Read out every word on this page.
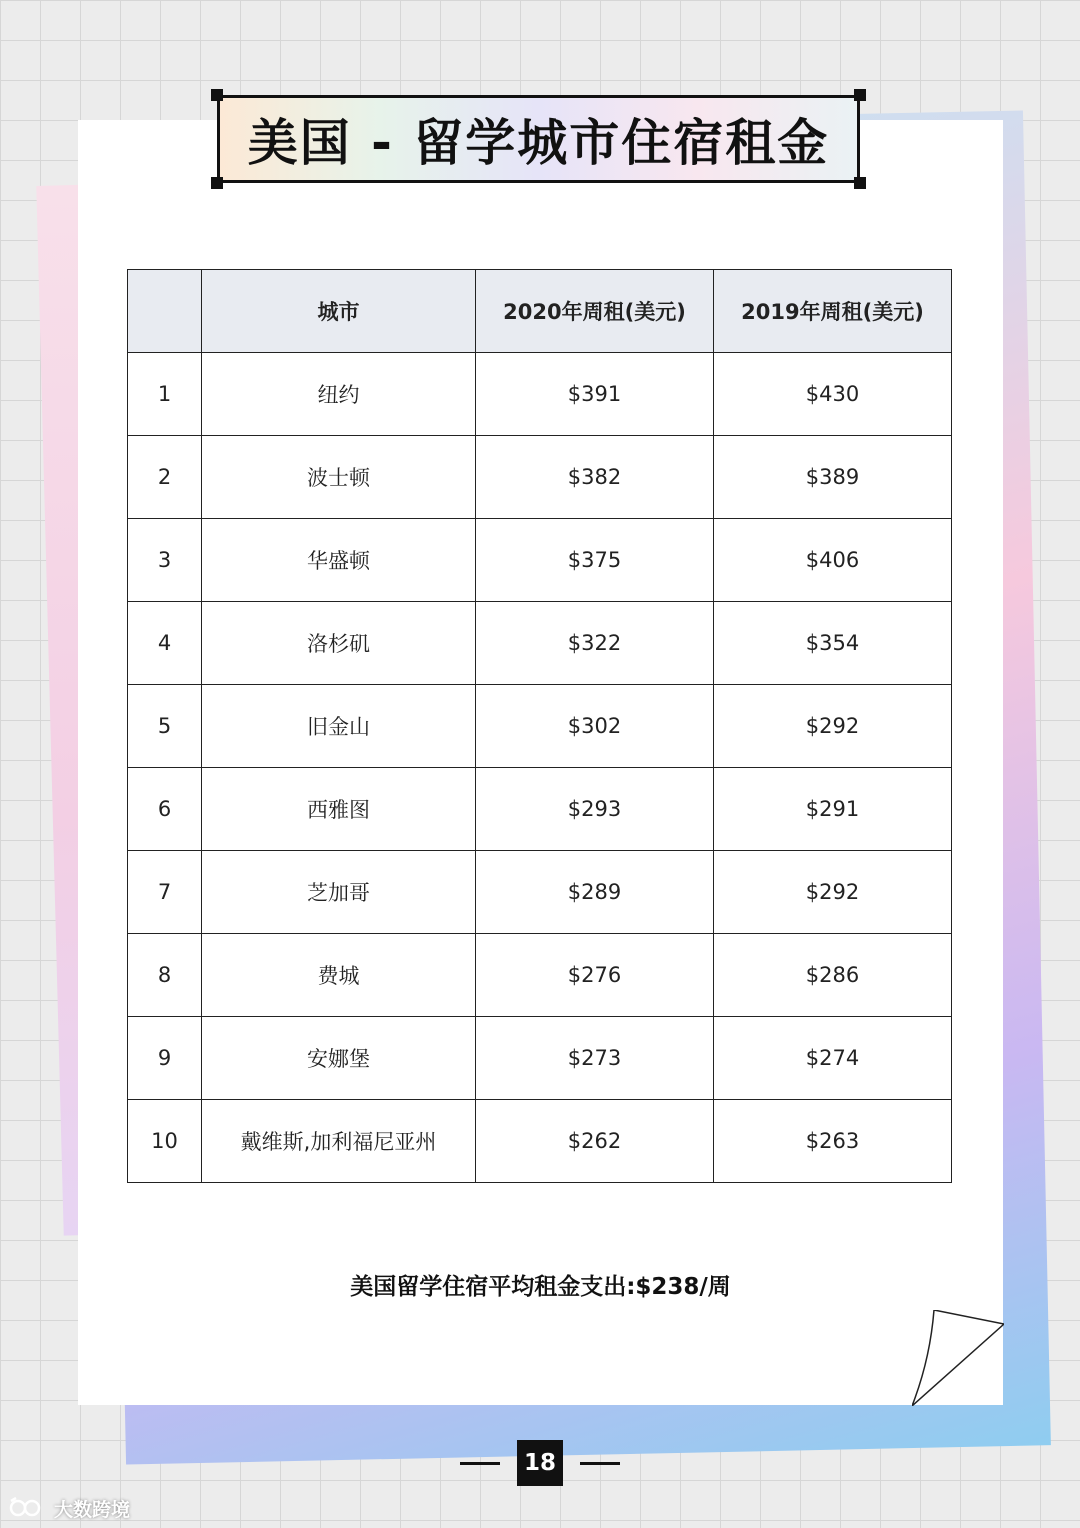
美国 - 留学城市住宿租金
	城市	2020年周租(美元)	2019年周租(美元)
1	纽约	$391	$430
2	波士顿	$382	$389
3	华盛顿	$375	$406
4	洛杉矶	$322	$354
5	旧金山	$302	$292
6	西雅图	$293	$291
7	芝加哥	$289	$292
8	费城	$276	$286
9	安娜堡	$273	$274
10	戴维斯,加利福尼亚州	$262	$263
美国留学住宿平均租金支出:$238/周
18
大数跨境
